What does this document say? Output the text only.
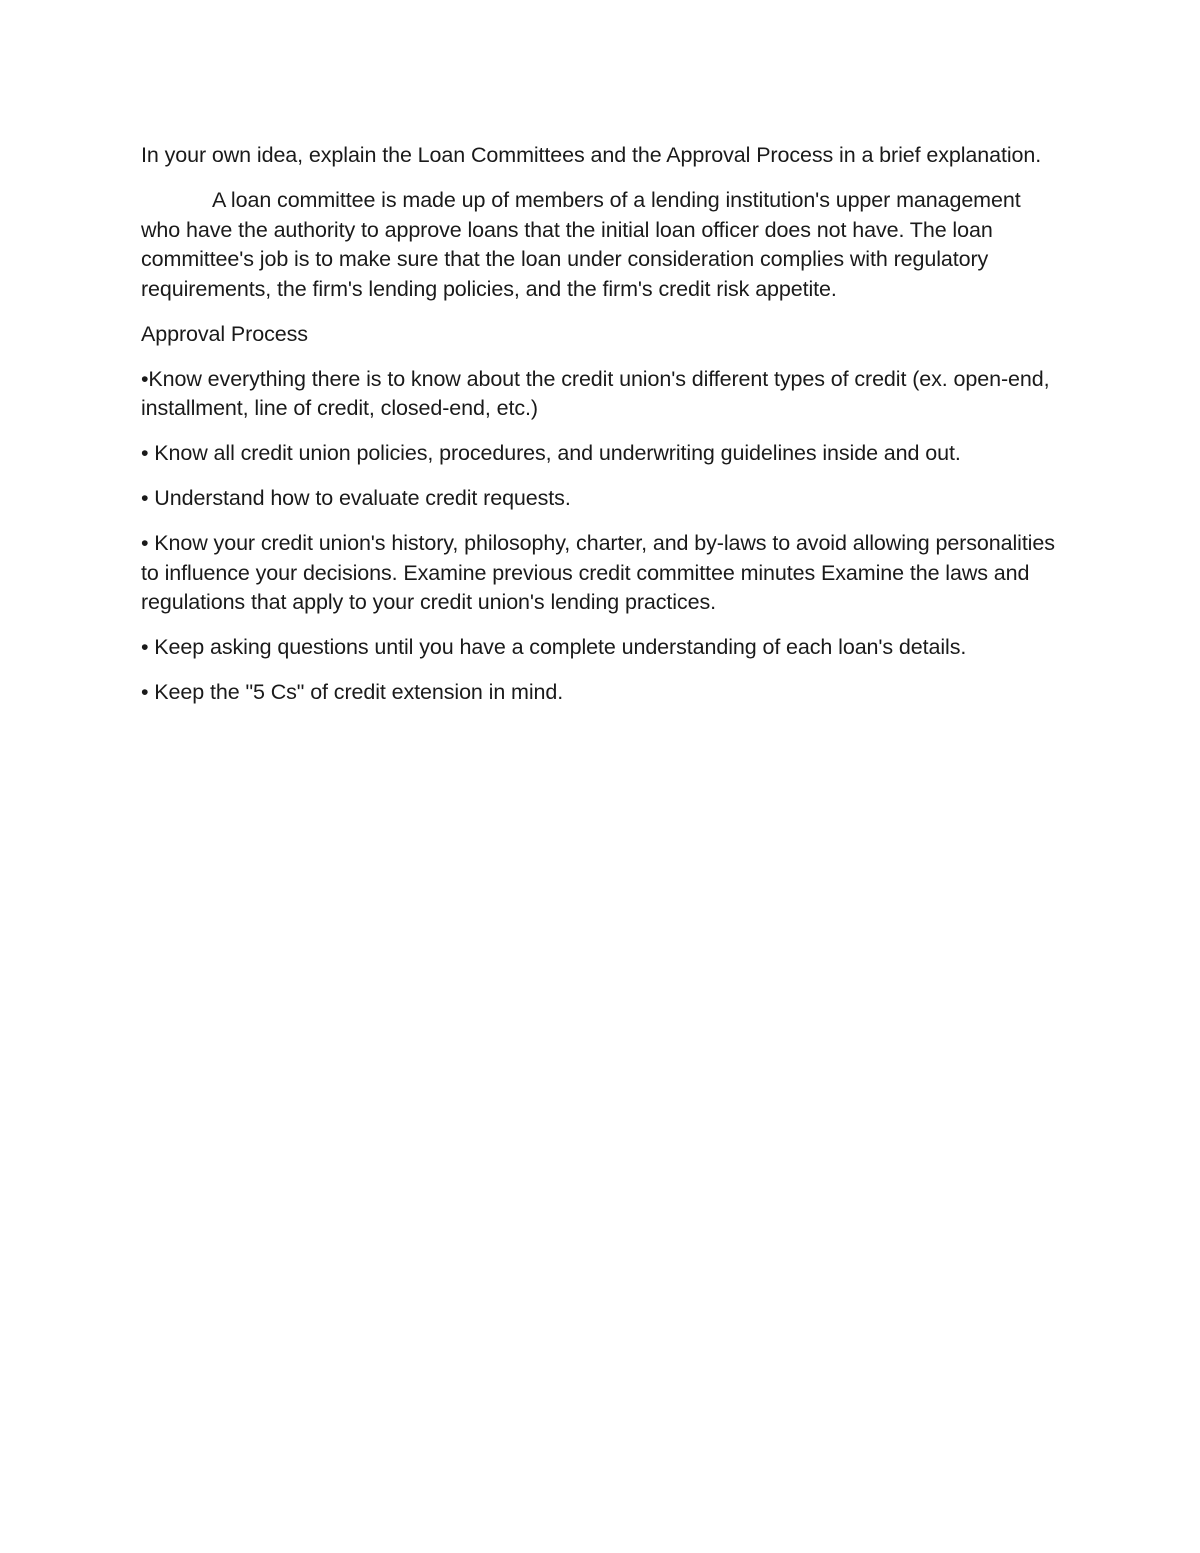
In your own idea, explain the Loan Committees and the Approval Process in a brief explanation.

A loan committee is made up of members of a lending institution's upper management who have the authority to approve loans that the initial loan officer does not have. The loan committee's job is to make sure that the loan under consideration complies with regulatory requirements, the firm's lending policies, and the firm's credit risk appetite.

Approval Process

•Know everything there is to know about the credit union's different types of credit (ex. open-end, installment, line of credit, closed-end, etc.)

• Know all credit union policies, procedures, and underwriting guidelines inside and out.

• Understand how to evaluate credit requests.

• Know your credit union's history, philosophy, charter, and by-laws to avoid allowing personalities to influence your decisions. Examine previous credit committee minutes Examine the laws and regulations that apply to your credit union's lending practices.

• Keep asking questions until you have a complete understanding of each loan's details.

• Keep the "5 Cs" of credit extension in mind.
